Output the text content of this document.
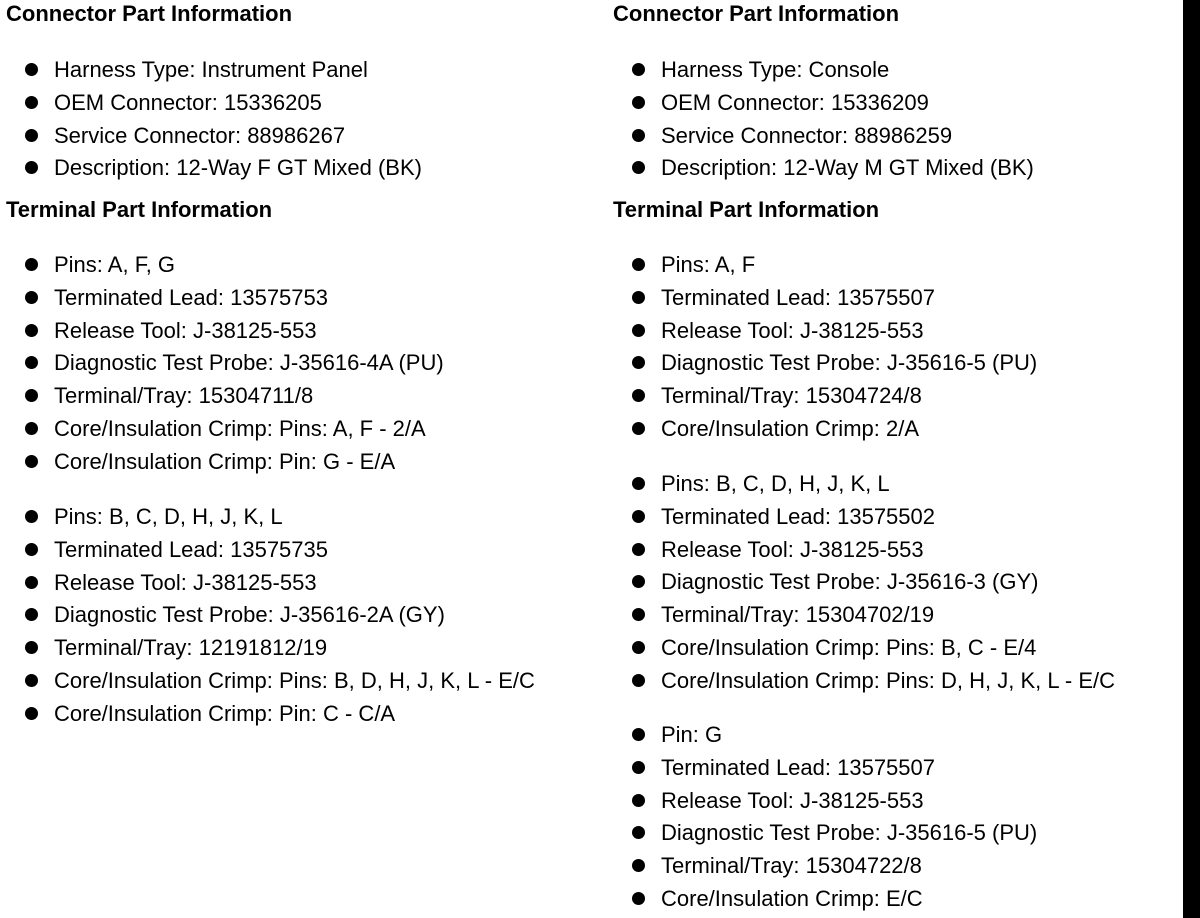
Connector Part Information
Harness Type: Instrument Panel
OEM Connector: 15336205
Service Connector: 88986267
Description: 12-Way F GT Mixed (BK)
Terminal Part Information
Pins: A, F, G
Terminated Lead: 13575753
Release Tool: J-38125-553
Diagnostic Test Probe: J-35616-4A (PU)
Terminal/Tray: 15304711/8
Core/Insulation Crimp: Pins: A, F - 2/A
Core/Insulation Crimp: Pin: G - E/A
Pins: B, C, D, H, J, K, L
Terminated Lead: 13575735
Release Tool: J-38125-553
Diagnostic Test Probe: J-35616-2A (GY)
Terminal/Tray: 12191812/19
Core/Insulation Crimp: Pins: B, D, H, J, K, L - E/C
Core/Insulation Crimp: Pin: C - C/A
Connector Part Information
Harness Type: Console
OEM Connector: 15336209
Service Connector: 88986259
Description: 12-Way M GT Mixed (BK)
Terminal Part Information
Pins: A, F
Terminated Lead: 13575507
Release Tool: J-38125-553
Diagnostic Test Probe: J-35616-5 (PU)
Terminal/Tray: 15304724/8
Core/Insulation Crimp: 2/A
Pins: B, C, D, H, J, K, L
Terminated Lead: 13575502
Release Tool: J-38125-553
Diagnostic Test Probe: J-35616-3 (GY)
Terminal/Tray: 15304702/19
Core/Insulation Crimp: Pins: B, C - E/4
Core/Insulation Crimp: Pins: D, H, J, K, L - E/C
Pin: G
Terminated Lead: 13575507
Release Tool: J-38125-553
Diagnostic Test Probe: J-35616-5 (PU)
Terminal/Tray: 15304722/8
Core/Insulation Crimp: E/C
